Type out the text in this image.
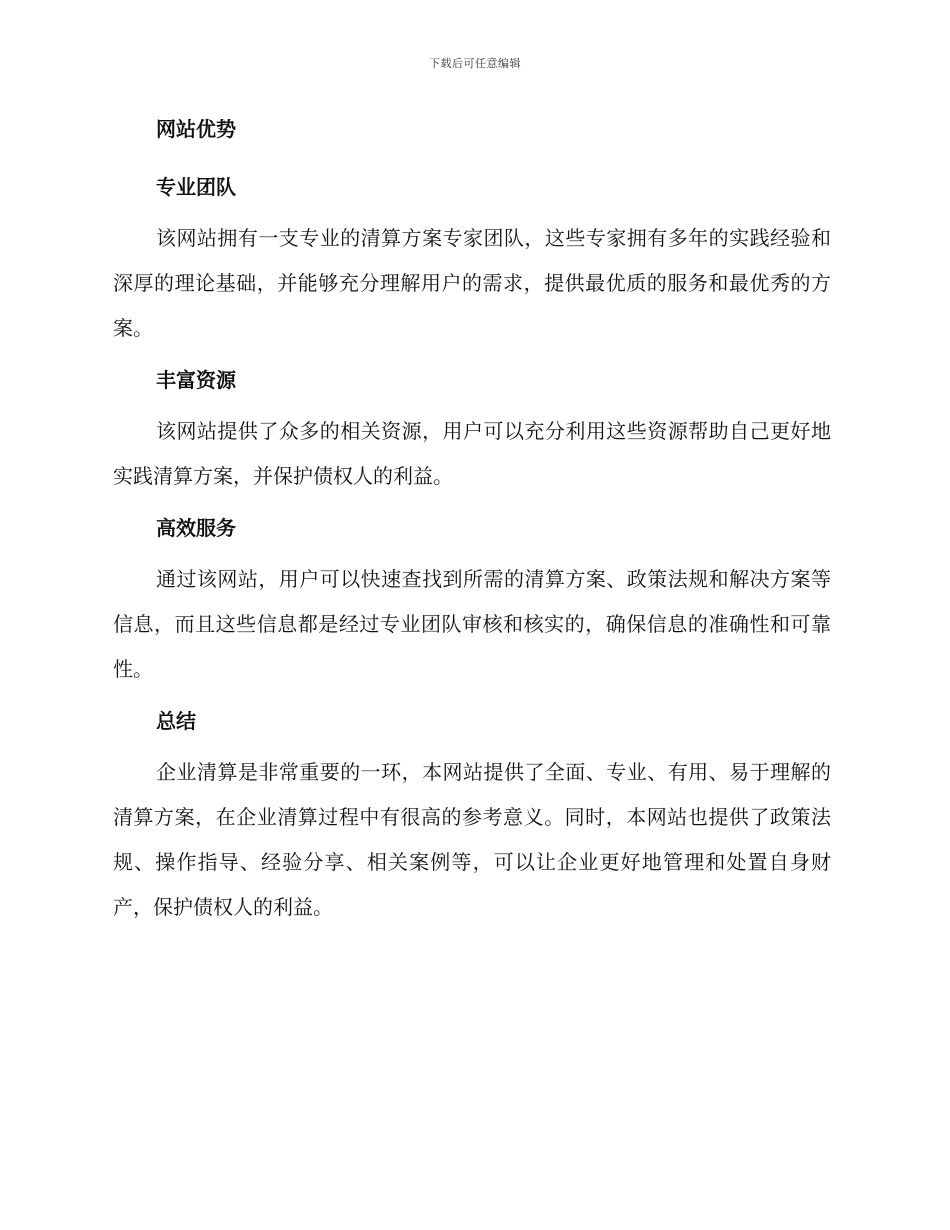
下载后可任意编辑
网站优势
专业团队

该网站拥有一支专业的清算方案专家团队，这些专家拥有多年的实践经验和深厚的理论基础，并能够充分理解用户的需求，提供最优质的服务和最优秀的方案。

丰富资源

该网站提供了众多的相关资源，用户可以充分利用这些资源帮助自己更好地实践清算方案，并保护债权人的利益。

高效服务

通过该网站，用户可以快速查找到所需的清算方案、政策法规和解决方案等信息，而且这些信息都是经过专业团队审核和核实的，确保信息的准确性和可靠性。

总结

企业清算是非常重要的一环，本网站提供了全面、专业、有用、易于理解的清算方案，在企业清算过程中有很高的参考意义。同时，本网站也提供了政策法规、操作指导、经验分享、相关案例等，可以让企业更好地管理和处置自身财产，保护债权人的利益。
